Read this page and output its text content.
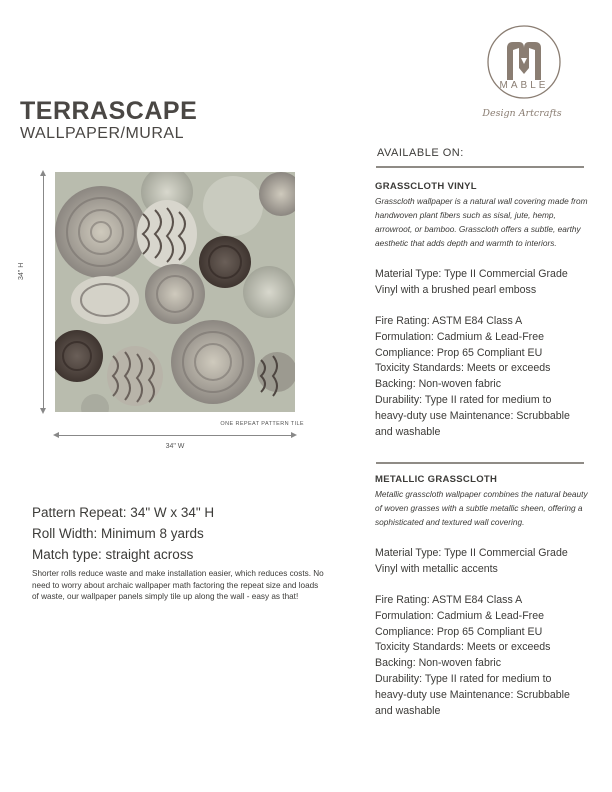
TERRASCAPE
WALLPAPER/MURAL
MABLE
Design Artcrafts
34" H
ONE REPEAT PATTERN TILE
34" W
Pattern Repeat: 34" W x 34" H
Roll Width: Minimum 8 yards
Match type: straight across
Shorter rolls reduce waste and make installation easier, which reduces costs. No need to worry about archaic wallpaper math factoring the repeat size and loads of waste, our wallpaper panels simply tile up along the wall - easy as that!
AVAILABLE ON:
GRASSCLOTH VINYL
Grasscloth wallpaper is a natural wall covering made from handwoven plant fibers such as sisal, jute, hemp, arrowroot, or bamboo. Grasscloth offers a subtle, earthy aesthetic that adds depth and warmth to interiors.
Material Type: Type II Commercial Grade Vinyl with a brushed pearl emboss
Fire Rating: ASTM E84 Class A
Formulation: Cadmium & Lead-Free
Compliance: Prop 65 Compliant EU
Toxicity Standards: Meets or exceeds
Backing: Non-woven fabric
Durability: Type II rated for medium to
heavy-duty use Maintenance: Scrubbable
and washable
METALLIC GRASSCLOTH
Metallic grasscloth wallpaper combines the natural beauty of woven grasses with a subtle metallic sheen, offering a sophisticated and textured wall covering.
Material Type: Type II Commercial Grade Vinyl with metallic accents
Fire Rating: ASTM E84 Class A
Formulation: Cadmium & Lead-Free
Compliance: Prop 65 Compliant EU
Toxicity Standards: Meets or exceeds
Backing: Non-woven fabric
Durability: Type II rated for medium to
heavy-duty use Maintenance: Scrubbable
and washable
